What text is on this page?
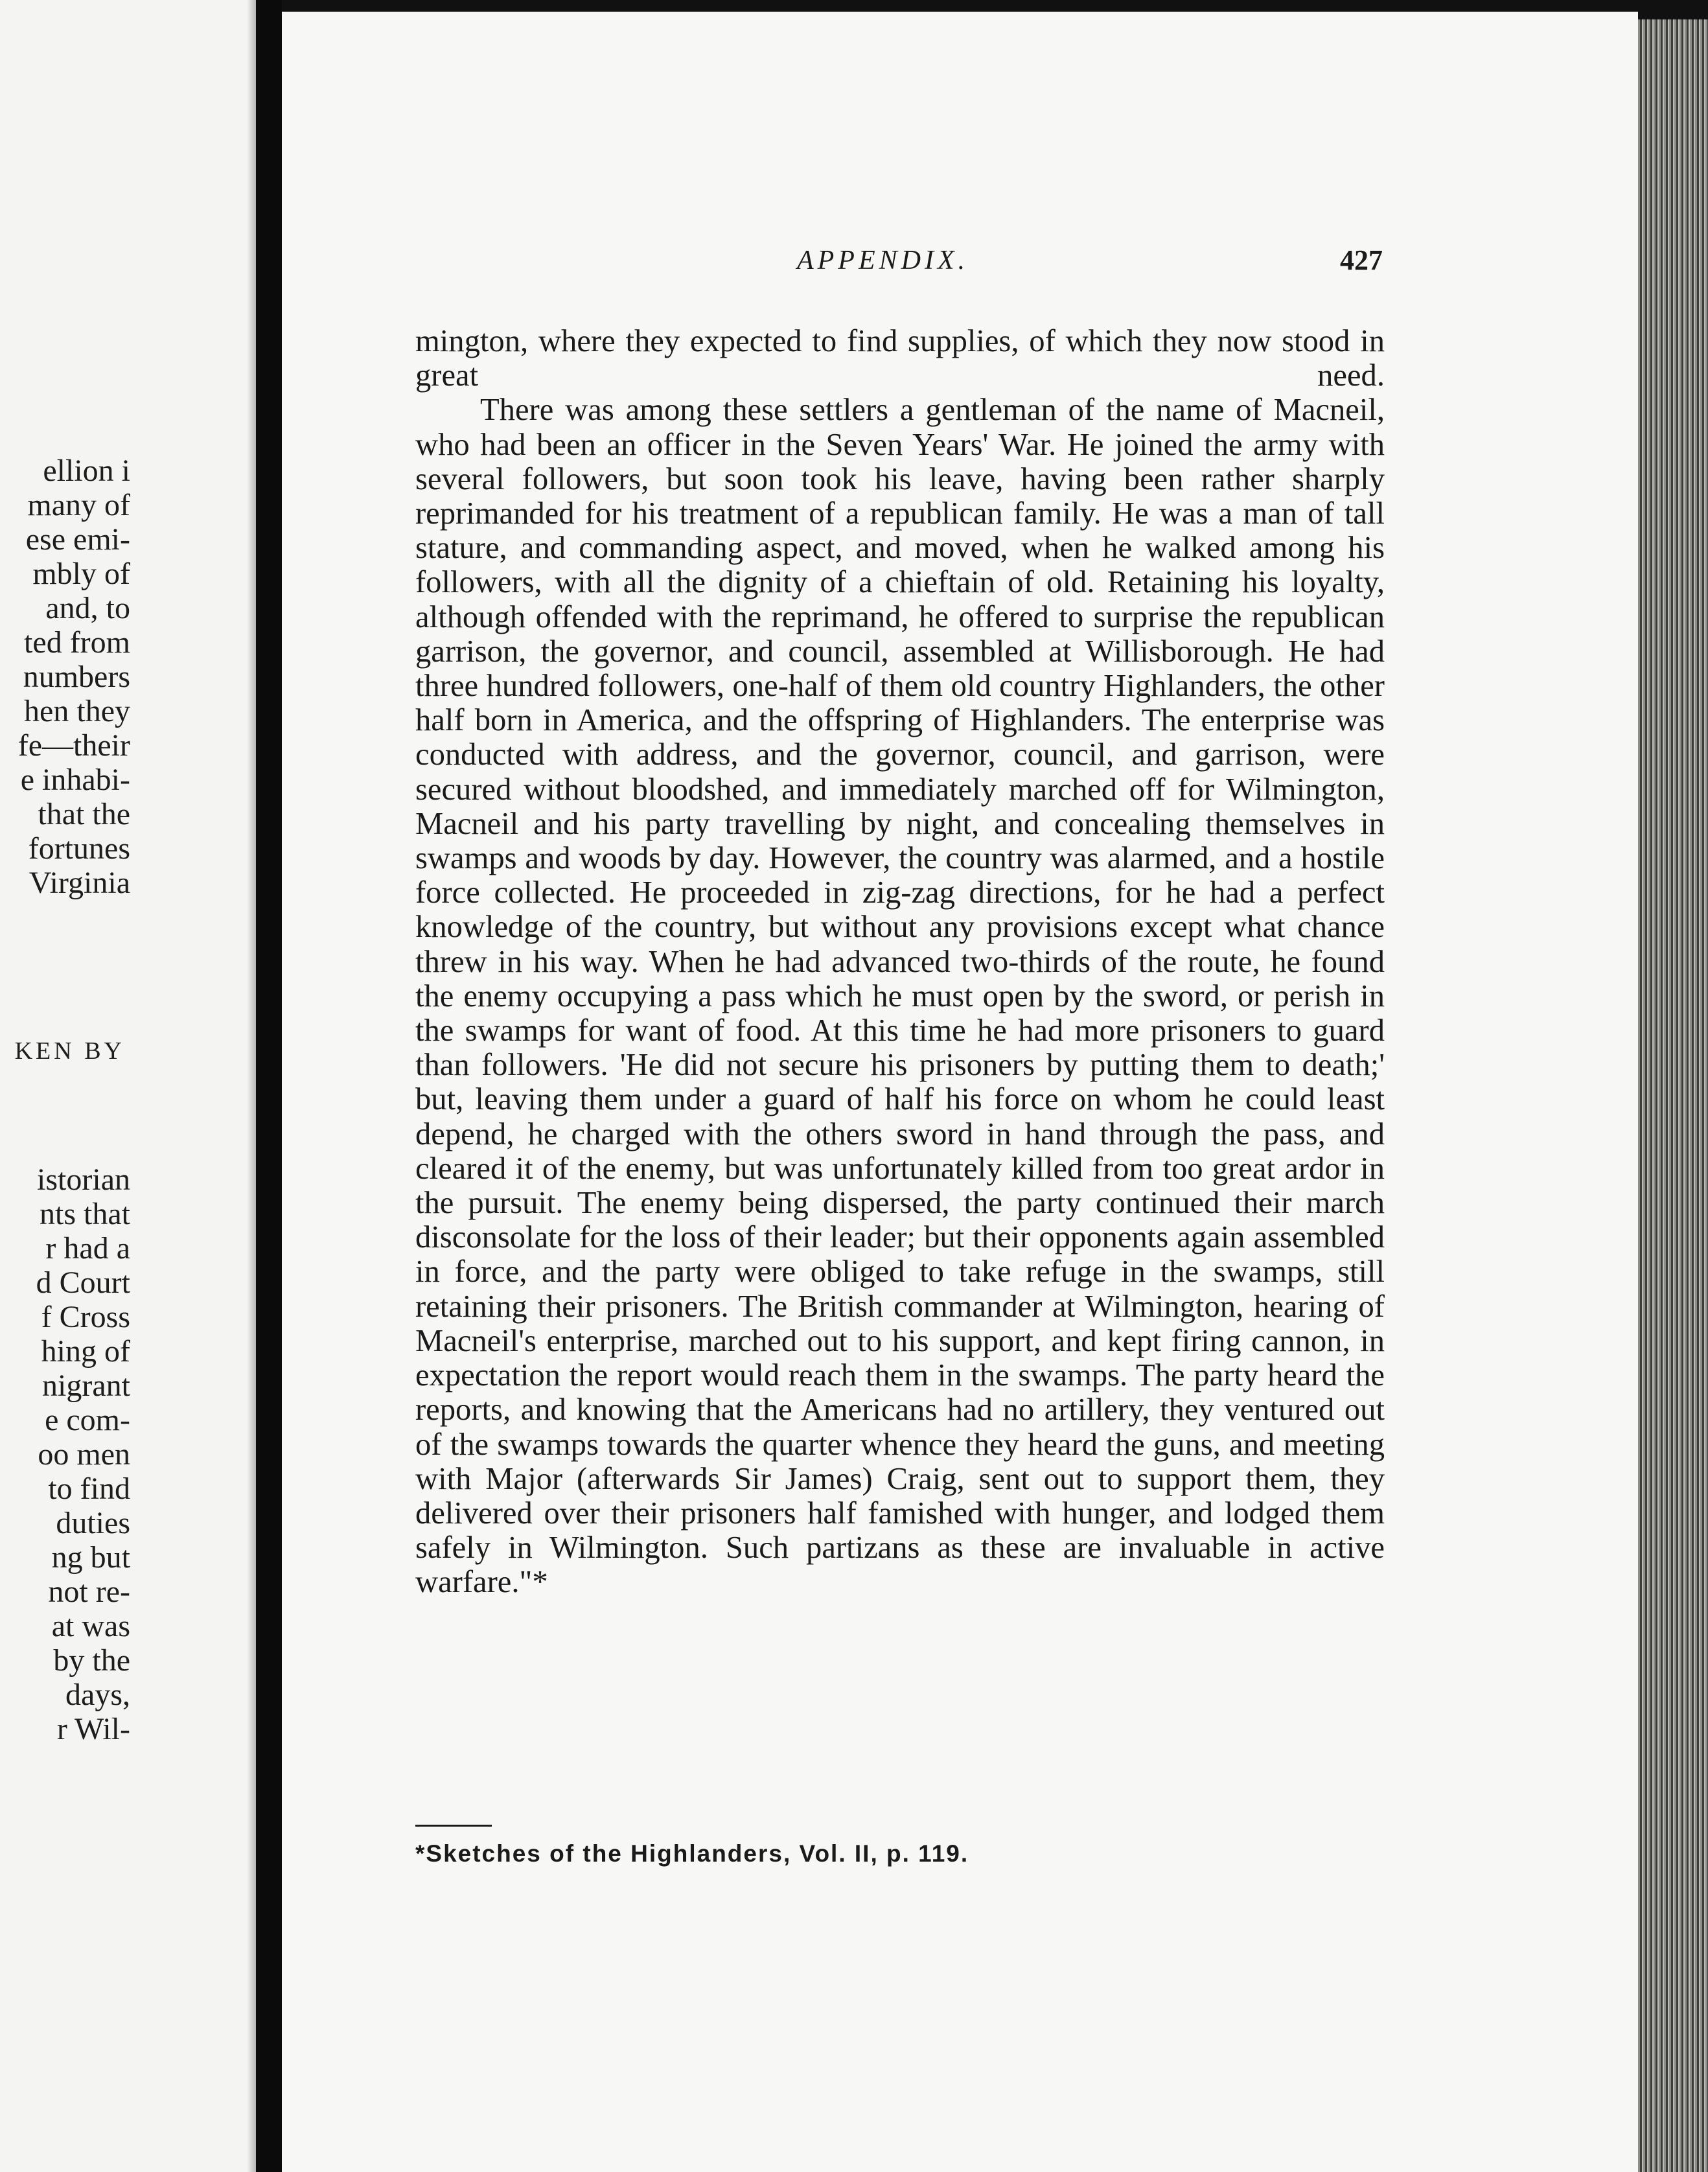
ellion i
many of
ese emi-
mbly of
and, to
ted from
numbers
hen they
fe—their
e inhabi-
that the
fortunes
Virginia
KEN BY
istorian
nts that
r had a
d Court
f Cross
hing of
nigrant
e com-
oo men
to find
duties
ng but
not re-
at was
by the
days,
r Wil-
APPENDIX.	427

mington, where they expected to find supplies, of which they now stood in great need.

There was among these settlers a gentleman of the name of Macneil, who had been an officer in the Seven Years' War. He joined the army with several followers, but soon took his leave, having been rather sharply reprimanded for his treatment of a republican family. He was a man of tall stature, and commanding aspect, and moved, when he walked among his followers, with all the dignity of a chieftain of old. Retaining his loyalty, although offended with the reprimand, he offered to surprise the republican garrison, the governor, and council, assembled at Willisborough. He had three hundred followers, one-half of them old country Highlanders, the other half born in America, and the offspring of Highlanders. The enterprise was conducted with address, and the governor, council, and garrison, were secured without bloodshed, and immediately marched off for Wilmington, Macneil and his party travelling by night, and concealing themselves in swamps and woods by day. However, the country was alarmed, and a hostile force collected. He proceeded in zig-zag directions, for he had a perfect knowledge of the country, but without any provisions except what chance threw in his way. When he had advanced two-thirds of the route, he found the enemy occupying a pass which he must open by the sword, or perish in the swamps for want of food. At this time he had more prisoners to guard than followers. 'He did not secure his prisoners by putting them to death;' but, leaving them under a guard of half his force on whom he could least depend, he charged with the others sword in hand through the pass, and cleared it of the enemy, but was unfortunately killed from too great ardor in the pursuit. The enemy being dispersed, the party continued their march disconsolate for the loss of their leader; but their opponents again assembled in force, and the party were obliged to take refuge in the swamps, still retaining their prisoners. The British commander at Wilmington, hearing of Macneil's enterprise, marched out to his support, and kept firing cannon, in expectation the report would reach them in the swamps. The party heard the reports, and knowing that the Americans had no artillery, they ventured out of the swamps towards the quarter whence they heard the guns, and meeting with Major (afterwards Sir James) Craig, sent out to support them, they delivered over their prisoners half famished with hunger, and lodged them safely in Wilmington. Such partizans as these are invaluable in active warfare."*

*Sketches of the Highlanders, Vol. II, p. 119.
